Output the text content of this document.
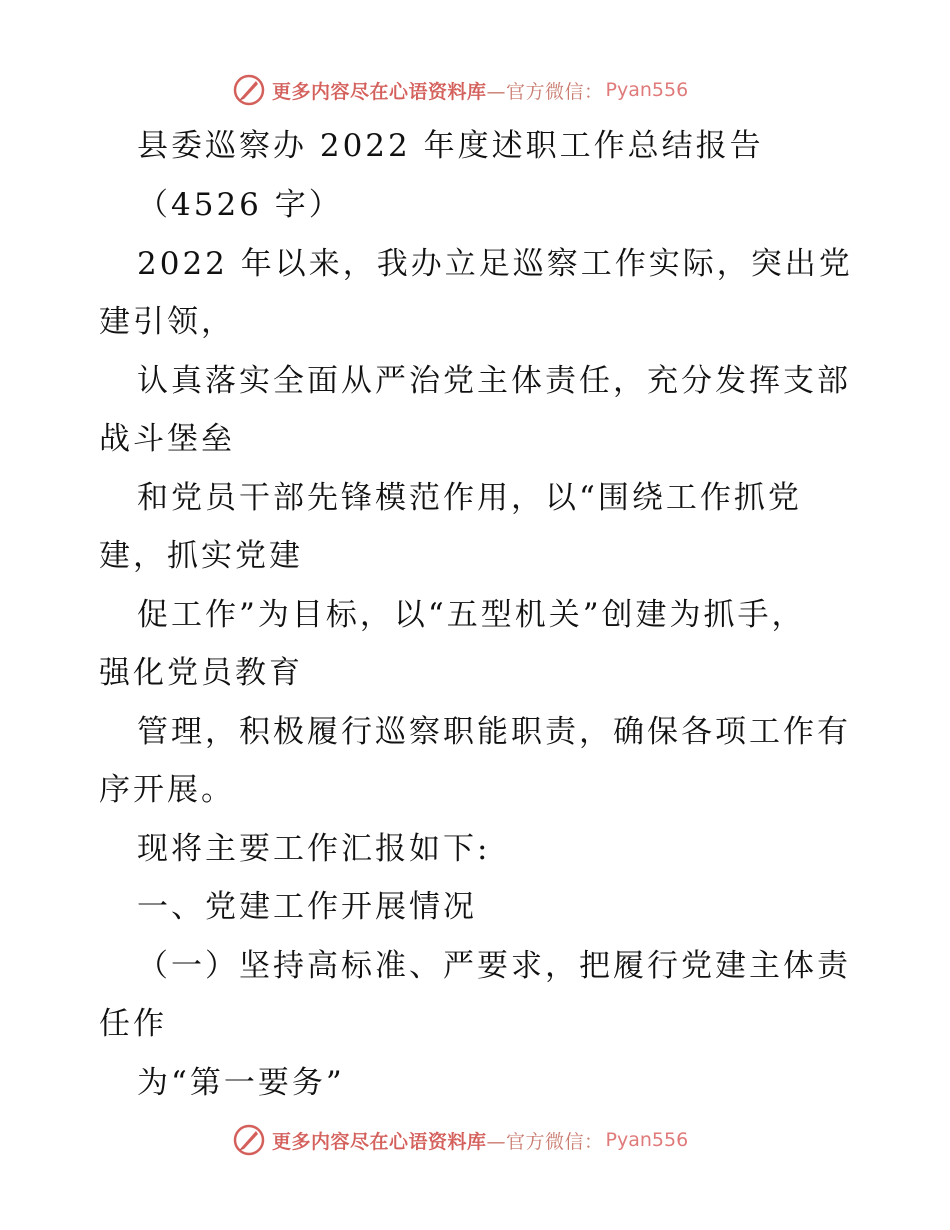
更多内容尽在心语资料库 —官方微信： Pyan556
县委巡察办 2022 年度述职工作总结报告
（4526 字）
2022 年以来，我办立足巡察工作实际，突出党
建引领，
认真落实全面从严治党主体责任，充分发挥支部
战斗堡垒
和党员干部先锋模范作用，以“围绕工作抓党
建，抓实党建
促工作”为目标，以“五型机关”创建为抓手，
强化党员教育
管理，积极履行巡察职能职责，确保各项工作有
序开展。
现将主要工作汇报如下:
一、党建工作开展情况
（一）坚持高标准、严要求，把履行党建主体责
任作
为“第一要务”
更多内容尽在心语资料库 —官方微信： Pyan556
